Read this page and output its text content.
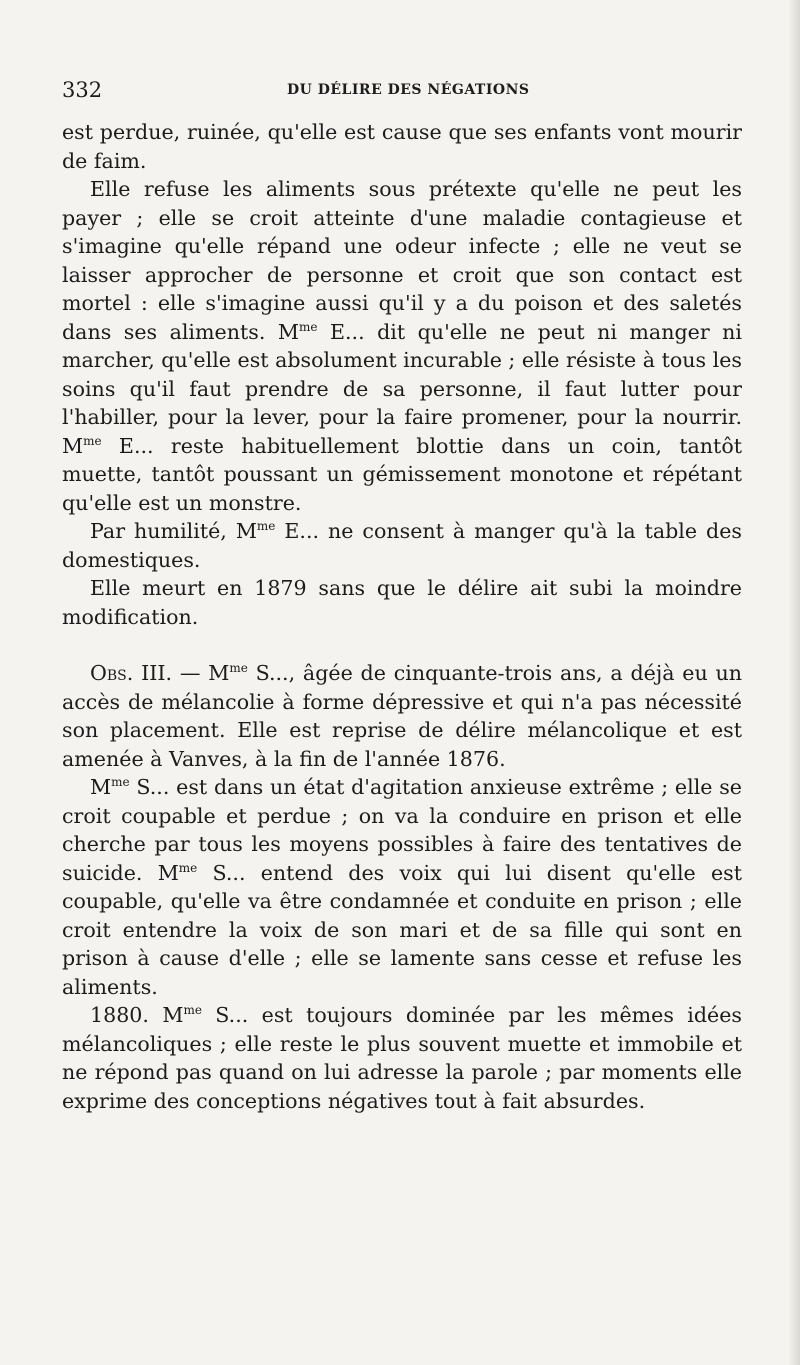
332	DU DÉLIRE DES NÉGATIONS

est perdue, ruinée, qu'elle est cause que ses enfants vont mourir de faim.

Elle refuse les aliments sous prétexte qu'elle ne peut les payer ; elle se croit atteinte d'une maladie contagieuse et s'imagine qu'elle répand une odeur infecte ; elle ne veut se laisser approcher de personne et croit que son contact est mortel : elle s'imagine aussi qu'il y a du poison et des saletés dans ses aliments. $M^{me}$ E... dit qu'elle ne peut ni manger ni marcher, qu'elle est absolument incurable ; elle résiste à tous les soins qu'il faut prendre de sa personne, il faut lutter pour l'habiller, pour la lever, pour la faire promener, pour la nourrir. $M^{me}$ E... reste habituellement blottie dans un coin, tantôt muette, tantôt poussant un gémissement monotone et répétant qu'elle est un monstre.

Par humilité, $M^{me}$ E... ne consent à manger qu'à la table des domestiques.

Elle meurt en 1879 sans que le délire ait subi la moindre modification.

Obs. III. — $M^{me}$ S..., âgée de cinquante-trois ans, a déjà eu un accès de mélancolie à forme dépressive et qui n'a pas nécessité son placement. Elle est reprise de délire mélancolique et est amenée à Vanves, à la fin de l'année 1876.

$M^{me}$ S... est dans un état d'agitation anxieuse extrême ; elle se croit coupable et perdue ; on va la conduire en prison et elle cherche par tous les moyens possibles à faire des tentatives de suicide. $M^{me}$ S... entend des voix qui lui disent qu'elle est coupable, qu'elle va être condamnée et conduite en prison ; elle croit entendre la voix de son mari et de sa fille qui sont en prison à cause d'elle ; elle se lamente sans cesse et refuse les aliments.

1880. $M^{me}$ S... est toujours dominée par les mêmes idées mélancoliques ; elle reste le plus souvent muette et immobile et ne répond pas quand on lui adresse la parole ; par moments elle exprime des conceptions négatives tout à fait absurdes.
